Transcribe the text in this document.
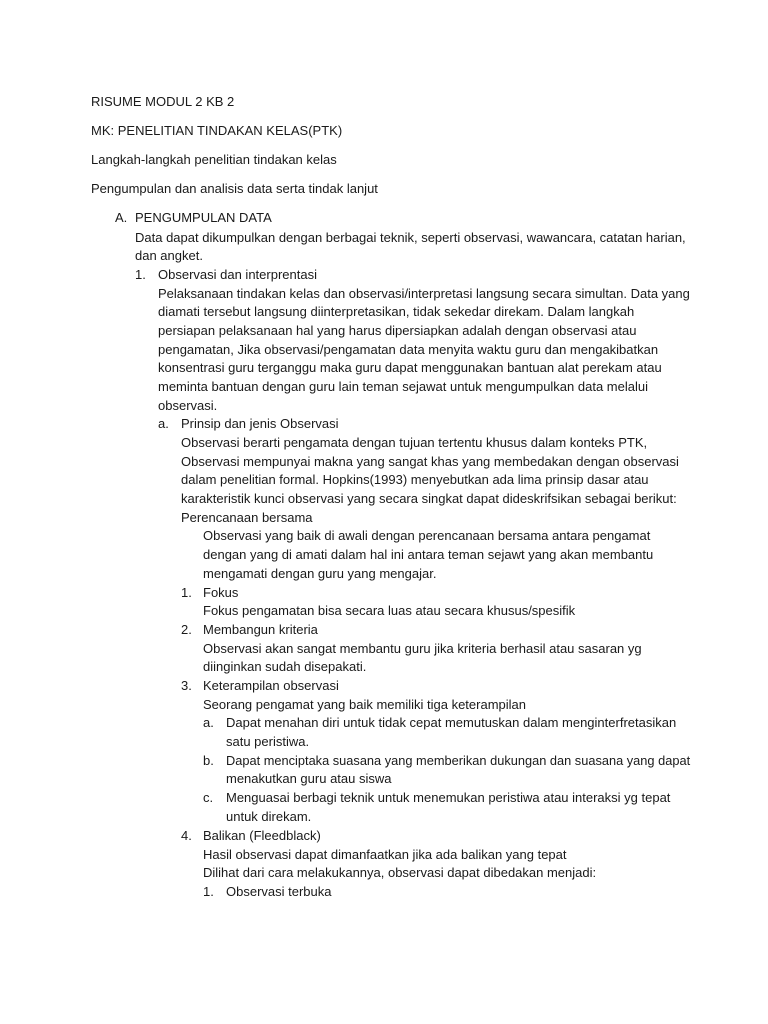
RISUME MODUL 2 KB 2
MK: PENELITIAN TINDAKAN KELAS(PTK)
Langkah-langkah penelitian tindakan kelas
Pengumpulan dan analisis data serta tindak lanjut
A. PENGUMPULAN DATA
Data dapat dikumpulkan dengan berbagai teknik, seperti observasi, wawancara, catatan harian,
dan angket.
1. Observasi dan interprentasi
Pelaksanaan tindakan kelas dan observasi/interpretasi langsung secara simultan. Data yang
diamati tersebut langsung diinterpretasikan, tidak sekedar direkam. Dalam langkah
persiapan pelaksanaan hal yang harus dipersiapkan adalah dengan observasi atau
pengamatan, Jika observasi/pengamatan data menyita waktu guru dan mengakibatkan
konsentrasi guru terganggu maka guru dapat menggunakan bantuan alat perekam atau
meminta bantuan dengan guru lain teman sejawat untuk mengumpulkan data melalui
observasi.
a. Prinsip dan jenis Observasi
Observasi berarti pengamata dengan tujuan tertentu khusus dalam konteks PTK,
Observasi mempunyai makna yang sangat khas yang membedakan dengan observasi
dalam penelitian formal. Hopkins(1993) menyebutkan ada lima prinsip dasar atau
karakteristik kunci observasi yang secara singkat dapat dideskrifsikan sebagai berikut:
Perencanaan bersama
Observasi yang baik di awali dengan perencanaan bersama antara pengamat
dengan yang di amati dalam hal ini antara teman sejawt yang akan membantu
mengamati dengan guru yang mengajar.
1. Fokus
Fokus pengamatan bisa secara luas atau secara khusus/spesifik
2. Membangun kriteria
Observasi akan sangat membantu guru jika kriteria berhasil atau sasaran yg
diinginkan sudah disepakati.
3. Keterampilan observasi
Seorang pengamat yang baik memiliki tiga keterampilan
a. Dapat menahan diri untuk tidak cepat memutuskan dalam menginterfretasikan
satu peristiwa.
b. Dapat menciptaka suasana yang memberikan dukungan dan suasana yang dapat
menakutkan guru atau siswa
c. Menguasai berbagi teknik untuk menemukan peristiwa atau interaksi yg tepat
untuk direkam.
4. Balikan (Fleedblack)
Hasil observasi dapat dimanfaatkan jika ada balikan yang tepat
Dilihat dari cara melakukannya, observasi dapat dibedakan menjadi:
1. Observasi terbuka
